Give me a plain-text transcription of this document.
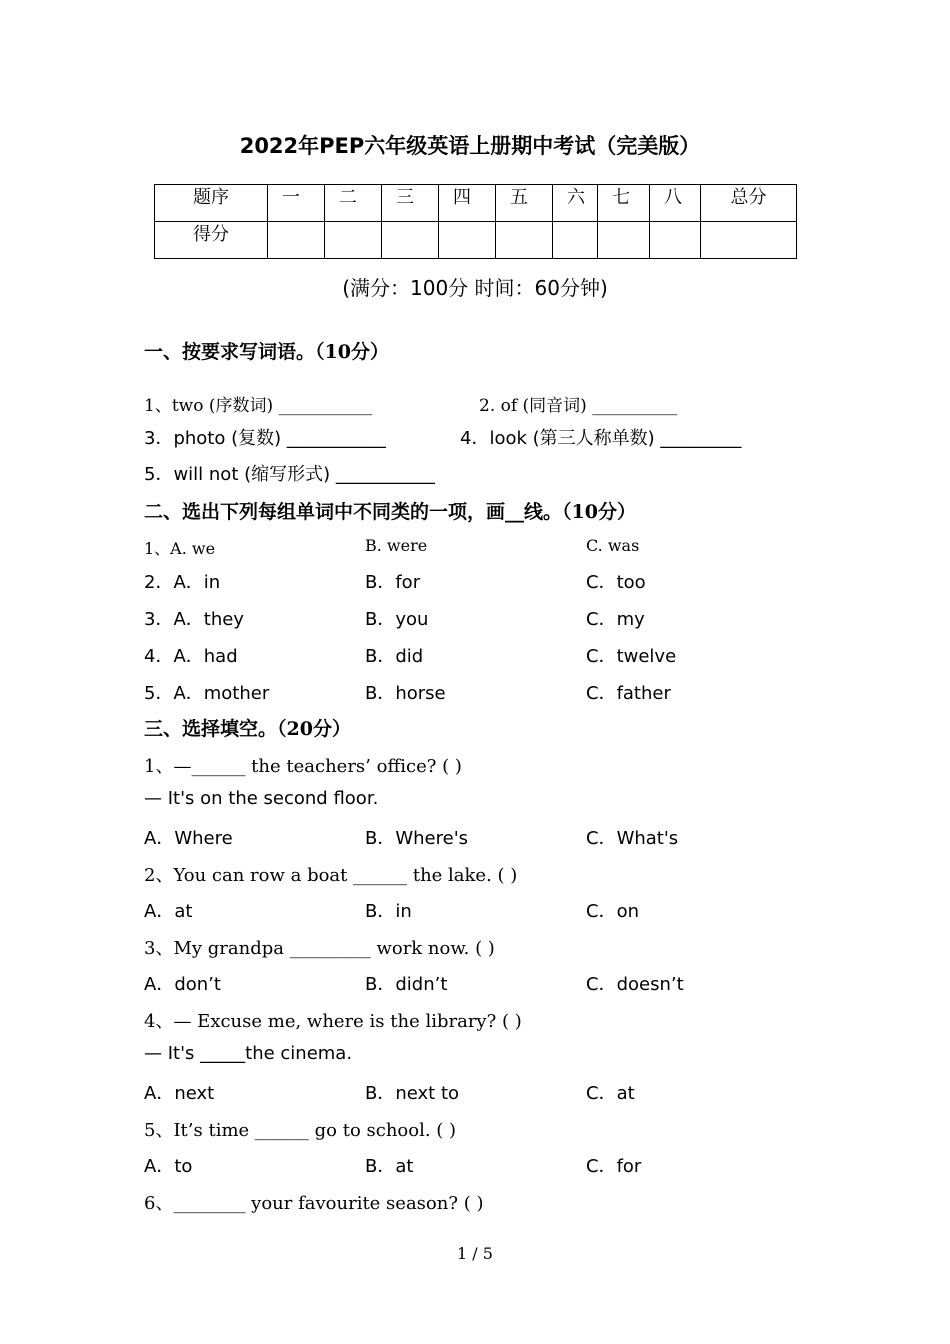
2022年PEP六年级英语上册期中考试（完美版）
题序	一	二	三	四	五	六	七	八	总分
得分									
(满分：100分 时间：60分钟)
一、按要求写词语。（10分）
1、two (序数词) ___________	2. of (同音词) __________
3．photo (复数) ___________	4．look (第三人称单数) _________
5．will not (缩写形式) ___________
二、选出下列每组单词中不同类的一项，画__线。（10分）
1、A. we	B. were	C. was
2．A．in	B．for	C．too
3．A．they	B．you	C．my
4．A．had	B．did	C．twelve
5．A．mother	B．horse	C．father
三、选择填空。（20分）
1、—______ the teachers’ office? ( )
— It's on the second floor.
A．Where	B．Where's	C．What's
2、You can row a boat ______ the lake. ( )
A．at	B．in	C．on
3、My grandpa _________ work now. ( )
A．don’t	B．didn’t	C．doesn’t
4、— Excuse me, where is the library? ( )
— It's _____the cinema.
A．next	B．next to	C．at
5、It’s time ______ go to school. ( )
A．to	B．at	C．for
6、________ your favourite season? ( )
1 / 5
